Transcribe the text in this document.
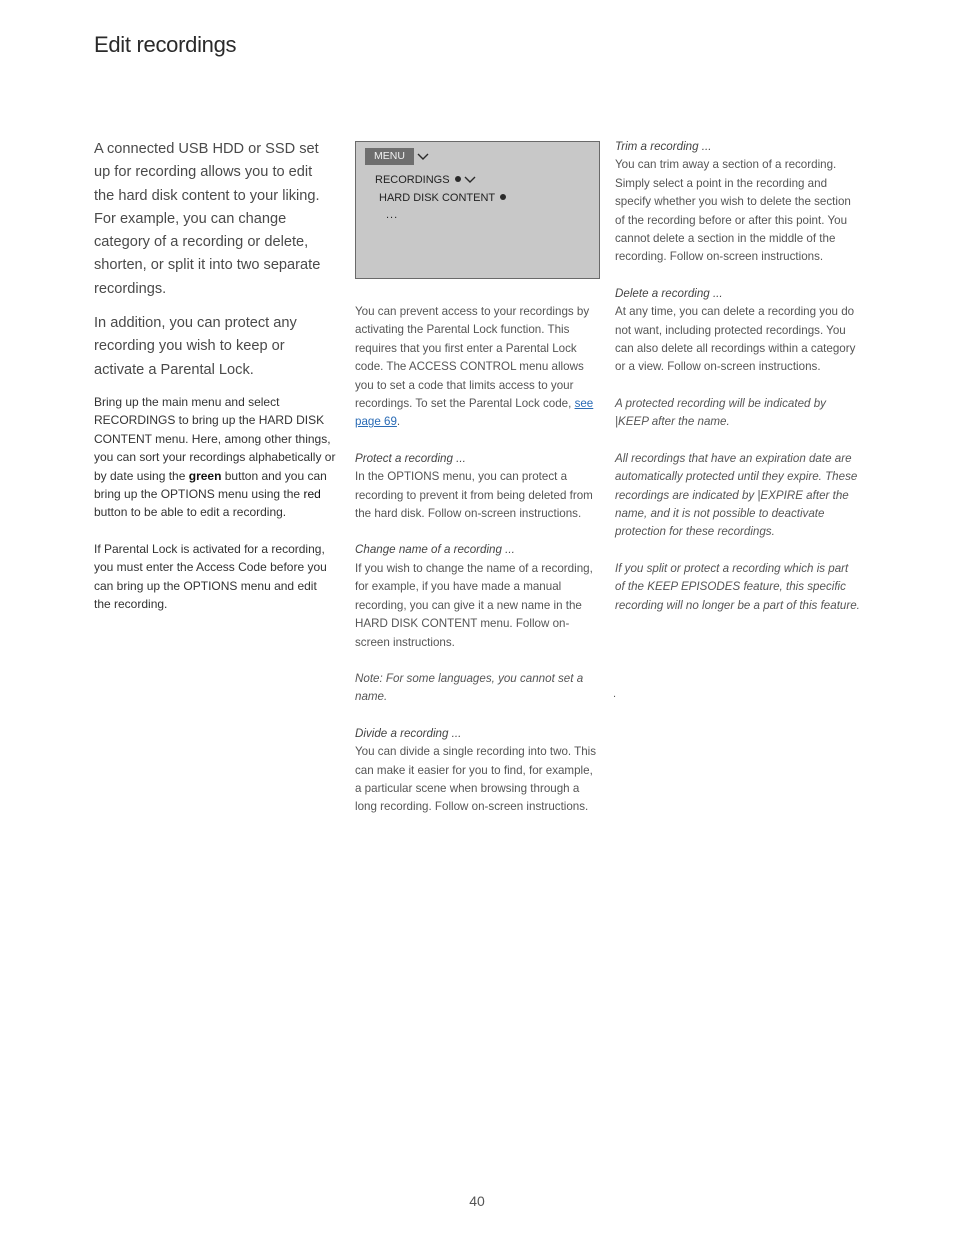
Edit recordings

A connected USB HDD or SSD set up for recording allows you to edit the hard disk content to your liking. For example, you can change category of a recording or delete, shorten, or split it into two separate recordings.

In addition, you can protect any recording you wish to keep or activate a Parental Lock.

Bring up the main menu and select RECORDINGS to bring up the HARD DISK CONTENT menu. Here, among other things, you can sort your recordings alphabetically or by date using the green button and you can bring up the OPTIONS menu using the red button to be able to edit a recording.

If Parental Lock is activated for a recording, you must enter the Access Code before you can bring up the OPTIONS menu and edit the recording.

MENU
RECORDINGS
HARD DISK CONTENT
...

You can prevent access to your recordings by activating the Parental Lock function. This requires that you first enter a Parental Lock code. The ACCESS CONTROL menu allows you to set a code that limits access to your recordings. To set the Parental Lock code, see page 69.

Protect a recording ...
In the OPTIONS menu, you can protect a recording to prevent it from being deleted from the hard disk. Follow on-screen instructions.

Change name of a recording ...
If you wish to change the name of a recording, for example, if you have made a manual recording, you can give it a new name in the HARD DISK CONTENT menu. Follow on-screen instructions.

Note: For some languages, you cannot set a name.

Divide a recording ...
You can divide a single recording into two. This can make it easier for you to find, for example, a particular scene when browsing through a long recording. Follow on-screen instructions.

Trim a recording ...
You can trim away a section of a recording. Simply select a point in the recording and specify whether you wish to delete the section of the recording before or after this point. You cannot delete a section in the middle of the recording. Follow on-screen instructions.

Delete a recording ...
At any time, you can delete a recording you do not want, including protected recordings. You can also delete all recordings within a category or a view. Follow on-screen instructions.

A protected recording will be indicated by |KEEP after the name.

All recordings that have an expiration date are automatically protected until they expire. These recordings are indicated by |EXPIRE after the name, and it is not possible to deactivate protection for these recordings.

If you split or protect a recording which is part of the KEEP EPISODES feature, this specific recording will no longer be a part of this feature.

.
40
